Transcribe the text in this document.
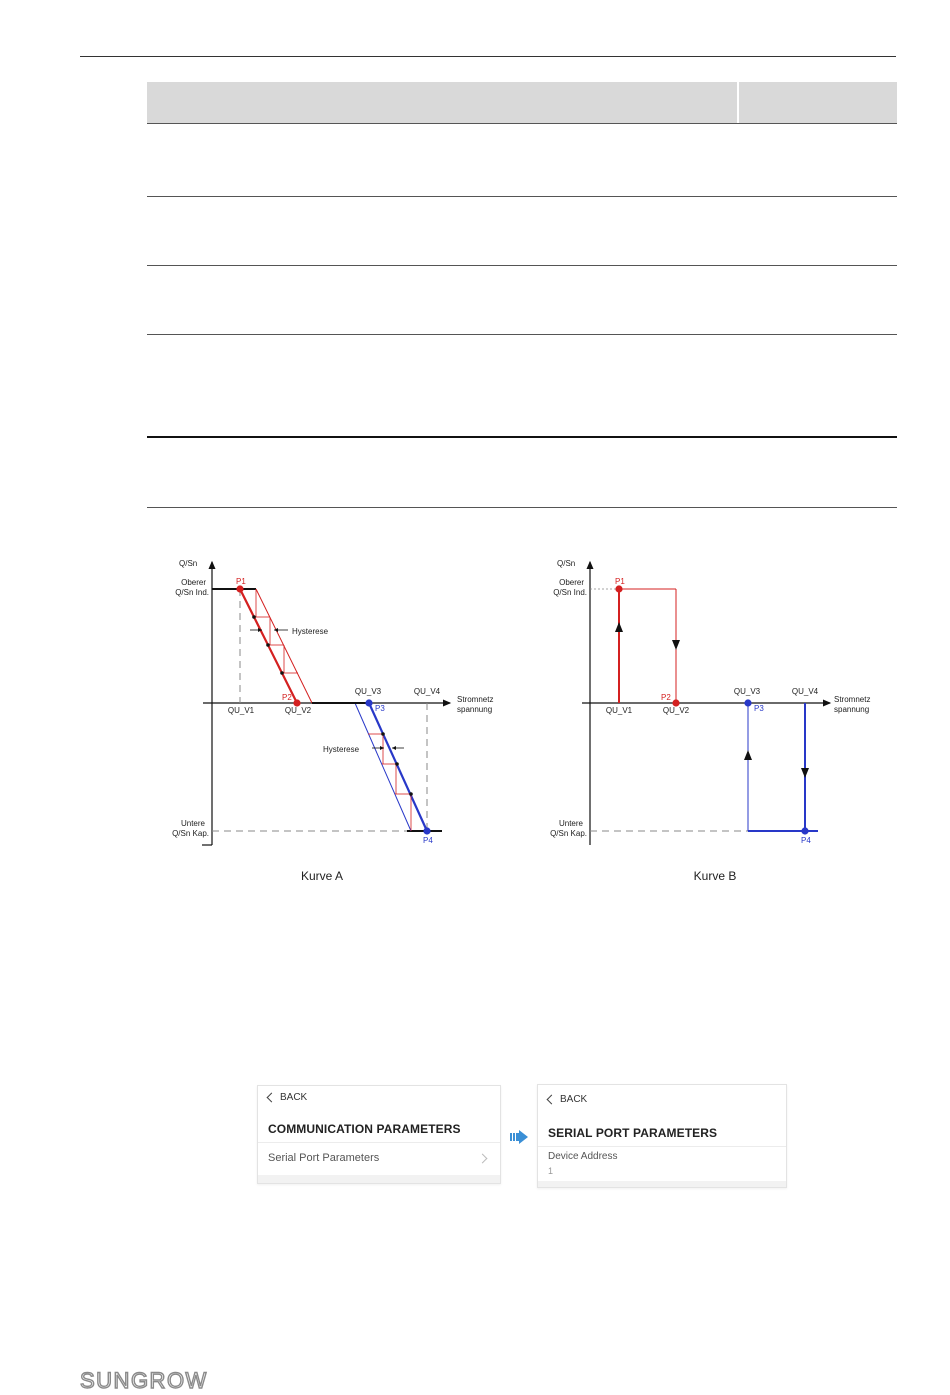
Q/Sn
Oberer
Q/Sn Ind.
Untere
Q/Sn Kap.
Stromnetz
spannung
Hysterese
Hysterese
QU_V1	QU_V2
QU_V3	QU_V4
P1
P2
P3
P4
Kurve A
Q/Sn
Oberer
Q/Sn Ind.
Untere
Q/Sn Kap.
Stromnetz
spannung
QU_V1	QU_V2
QU_V3	QU_V4
P1
P2
P3
P4
Kurve B
BACK
COMMUNICATION PARAMETERS
Serial Port Parameters
BACK
SERIAL PORT PARAMETERS
Device Address
1
SUNGROW
